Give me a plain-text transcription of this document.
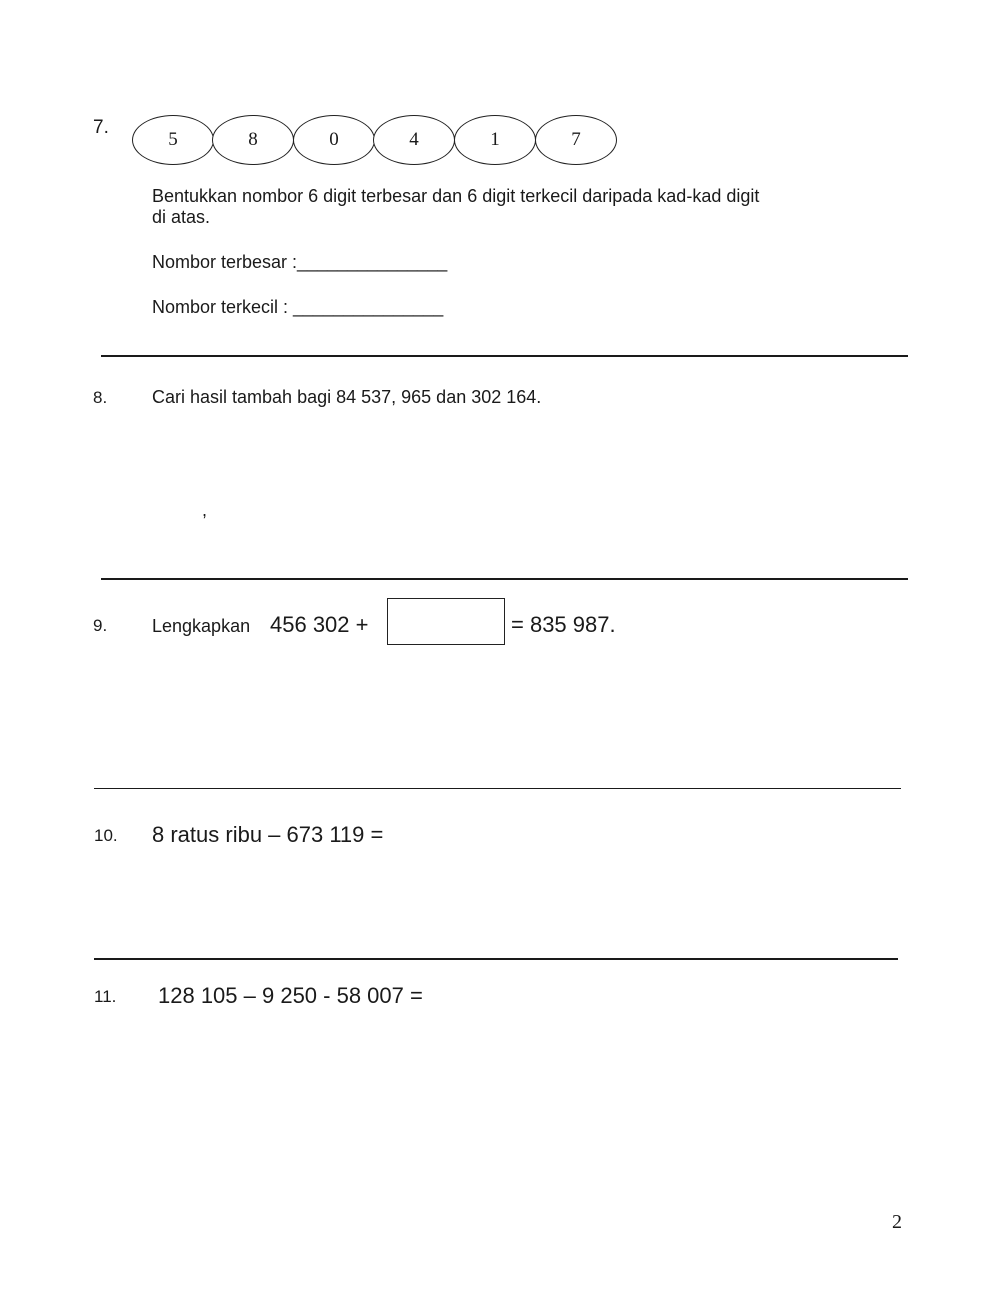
7.
5	8	0	4	1	7
Bentukkan nombor 6 digit terbesar dan 6 digit terkecil daripada kad-kad digit
di atas.
Nombor terbesar :_______________
Nombor terkecil : _______________
8. Cari hasil tambah bagi 84 537, 965 dan 302 164.
,
9. Lengkapkan 456 302 +	= 835 987.
10. 8 ratus ribu – 673 119 =
11. 128 105 – 9 250 - 58 007 =
2
